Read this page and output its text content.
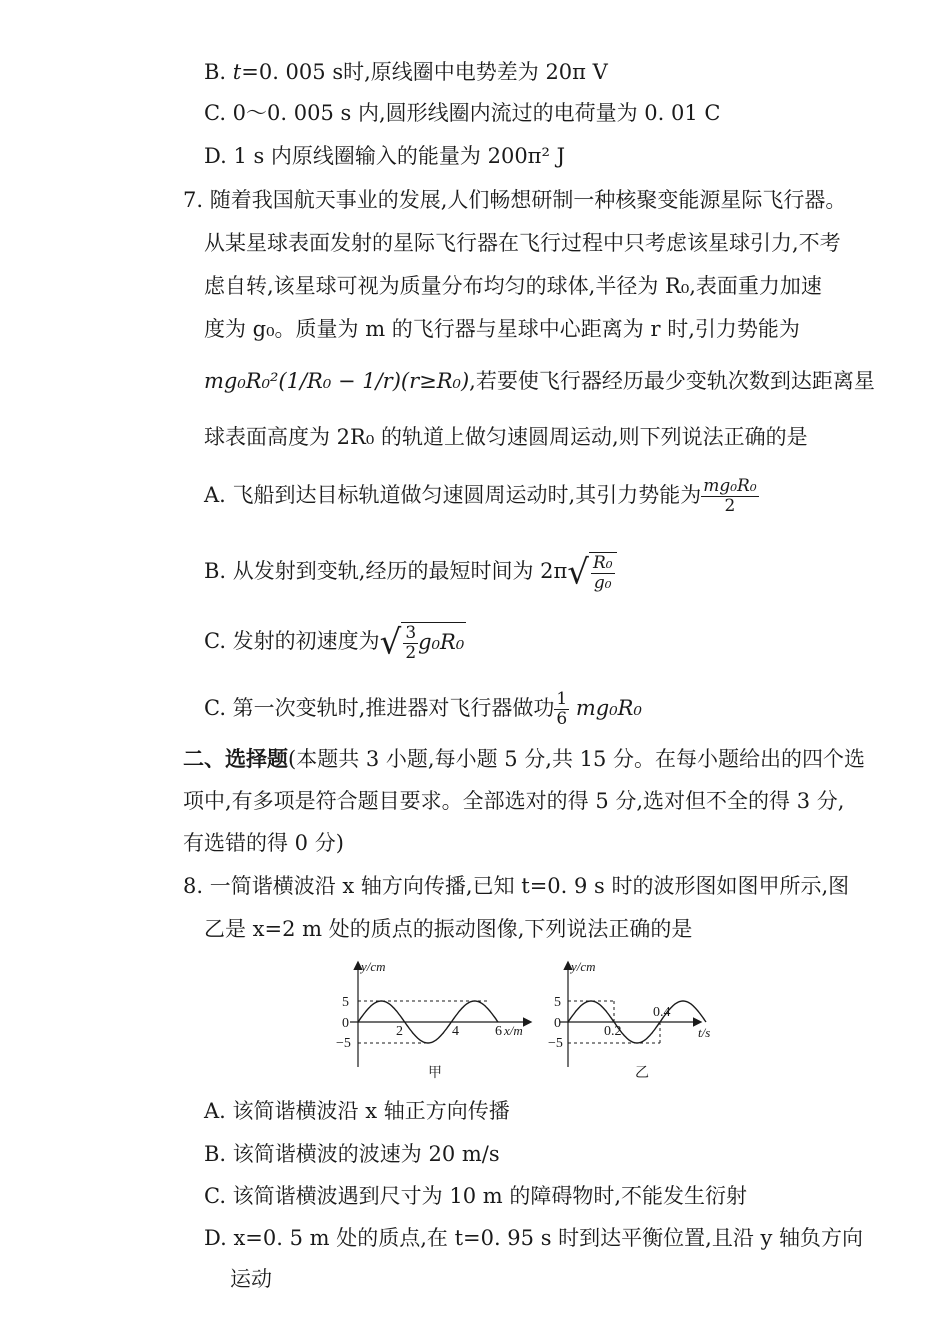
B. t=0. 005 s时,原线圈中电势差为 20π V
C. 0～0. 005 s 内,圆形线圈内流过的电荷量为 0. 01 C
D. 1 s 内原线圈输入的能量为 200π² J
7. 随着我国航天事业的发展,人们畅想研制一种核聚变能源星际飞行器。
从某星球表面发射的星际飞行器在飞行过程中只考虑该星球引力,不考
虑自转,该星球可视为质量分布均匀的球体,半径为 R₀,表面重力加速
度为 g₀。质量为 m 的飞行器与星球中心距离为 r 时,引力势能为
mg₀R₀²(1/R₀ − 1/r)(r≥R₀),若要使飞行器经历最少变轨次数到达距离星
球表面高度为 2R₀ 的轨道上做匀速圆周运动,则下列说法正确的是
A. 飞船到达目标轨道做匀速圆周运动时,其引力势能为 $\frac{\text{mg₀R₀}}{2}$
B. 从发射到变轨,经历的最短时间为 $2\pi√ \frac{\text{R₀}}{\text{g₀}}$
C. 发射的初速度为√ $\frac{3}{2} g_0R_0$
C. 第一次变轨时,推进器对飞行器做功 $\frac{1}{6} mg_0R_0$
二、选择题(本题共 3 小题,每小题 5 分,共 15 分。在每小题给出的四个选
项中,有多项是符合题目要求。全部选对的得 5 分,选对但不全的得 3 分,
有选错的得 0 分)
8. 一简谐横波沿 x 轴方向传播,已知 t=0. 9 s 时的波形图如图甲所示,图
乙是 x=2 m 处的质点的振动图像,下列说法正确的是
y/cm
x/m
5
0
−5
2	4	6
甲
y/cm
t/s
5
0
−5
0.2
0.4
乙
A. 该简谐横波沿 x 轴正方向传播
B. 该简谐横波的波速为 20 m/s
C. 该简谐横波遇到尺寸为 10 m 的障碍物时,不能发生衍射
D. x=0. 5 m 处的质点,在 t=0. 95 s 时到达平衡位置,且沿 y 轴负方向
运动
